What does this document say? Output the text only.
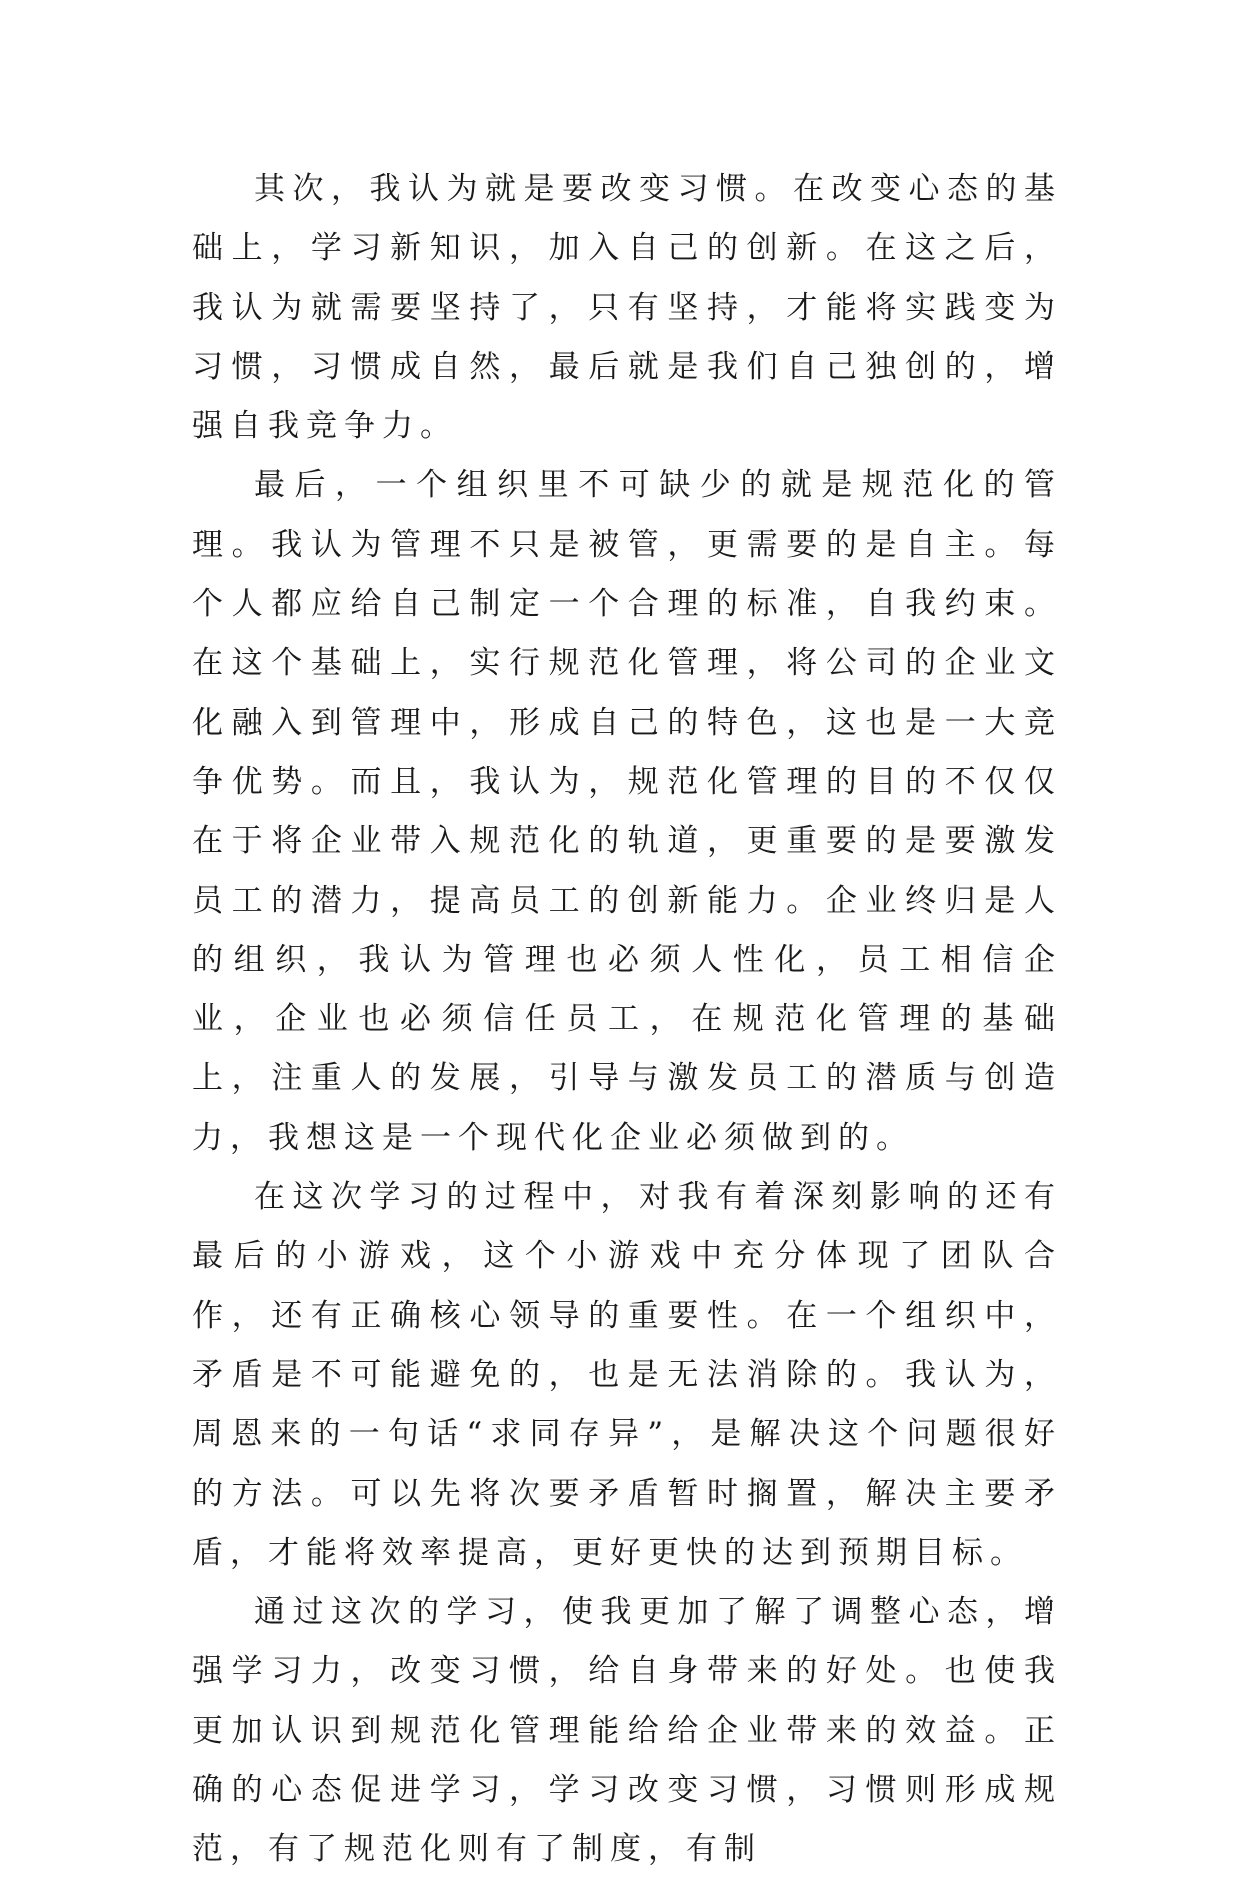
其次，我认为就是要改变习惯。在改变心态的基础上，学习新知识，加入自己的创新。在这之后，我认为就需要坚持了，只有坚持，才能将实践变为习惯，习惯成自然，最后就是我们自己独创的，增强自我竞争力。

最后，一个组织里不可缺少的就是规范化的管理。我认为管理不只是被管，更需要的是自主。每个人都应给自己制定一个合理的标准，自我约束。在这个基础上，实行规范化管理，将公司的企业文化融入到管理中，形成自己的特色，这也是一大竞争优势。而且，我认为，规范化管理的目的不仅仅在于将企业带入规范化的轨道，更重要的是要激发员工的潜力，提高员工的创新能力。企业终归是人的组织，我认为管理也必须人性化，员工相信企业，企业也必须信任员工，在规范化管理的基础上，注重人的发展，引导与激发员工的潜质与创造力，我想这是一个现代化企业必须做到的。

在这次学习的过程中，对我有着深刻影响的还有最后的小游戏，这个小游戏中充分体现了团队合作，还有正确核心领导的重要性。在一个组织中，矛盾是不可能避免的，也是无法消除的。我认为，周恩来的一句话“求同存异”，是解决这个问题很好的方法。可以先将次要矛盾暂时搁置，解决主要矛盾，才能将效率提高，更好更快的达到预期目标。

通过这次的学习，使我更加了解了调整心态，增强学习力，改变习惯，给自身带来的好处。也使我更加认识到规范化管理能给给企业带来的效益。正确的心态促进学习，学习改变习惯，习惯则形成规范，有了规范化则有了制度，有制
